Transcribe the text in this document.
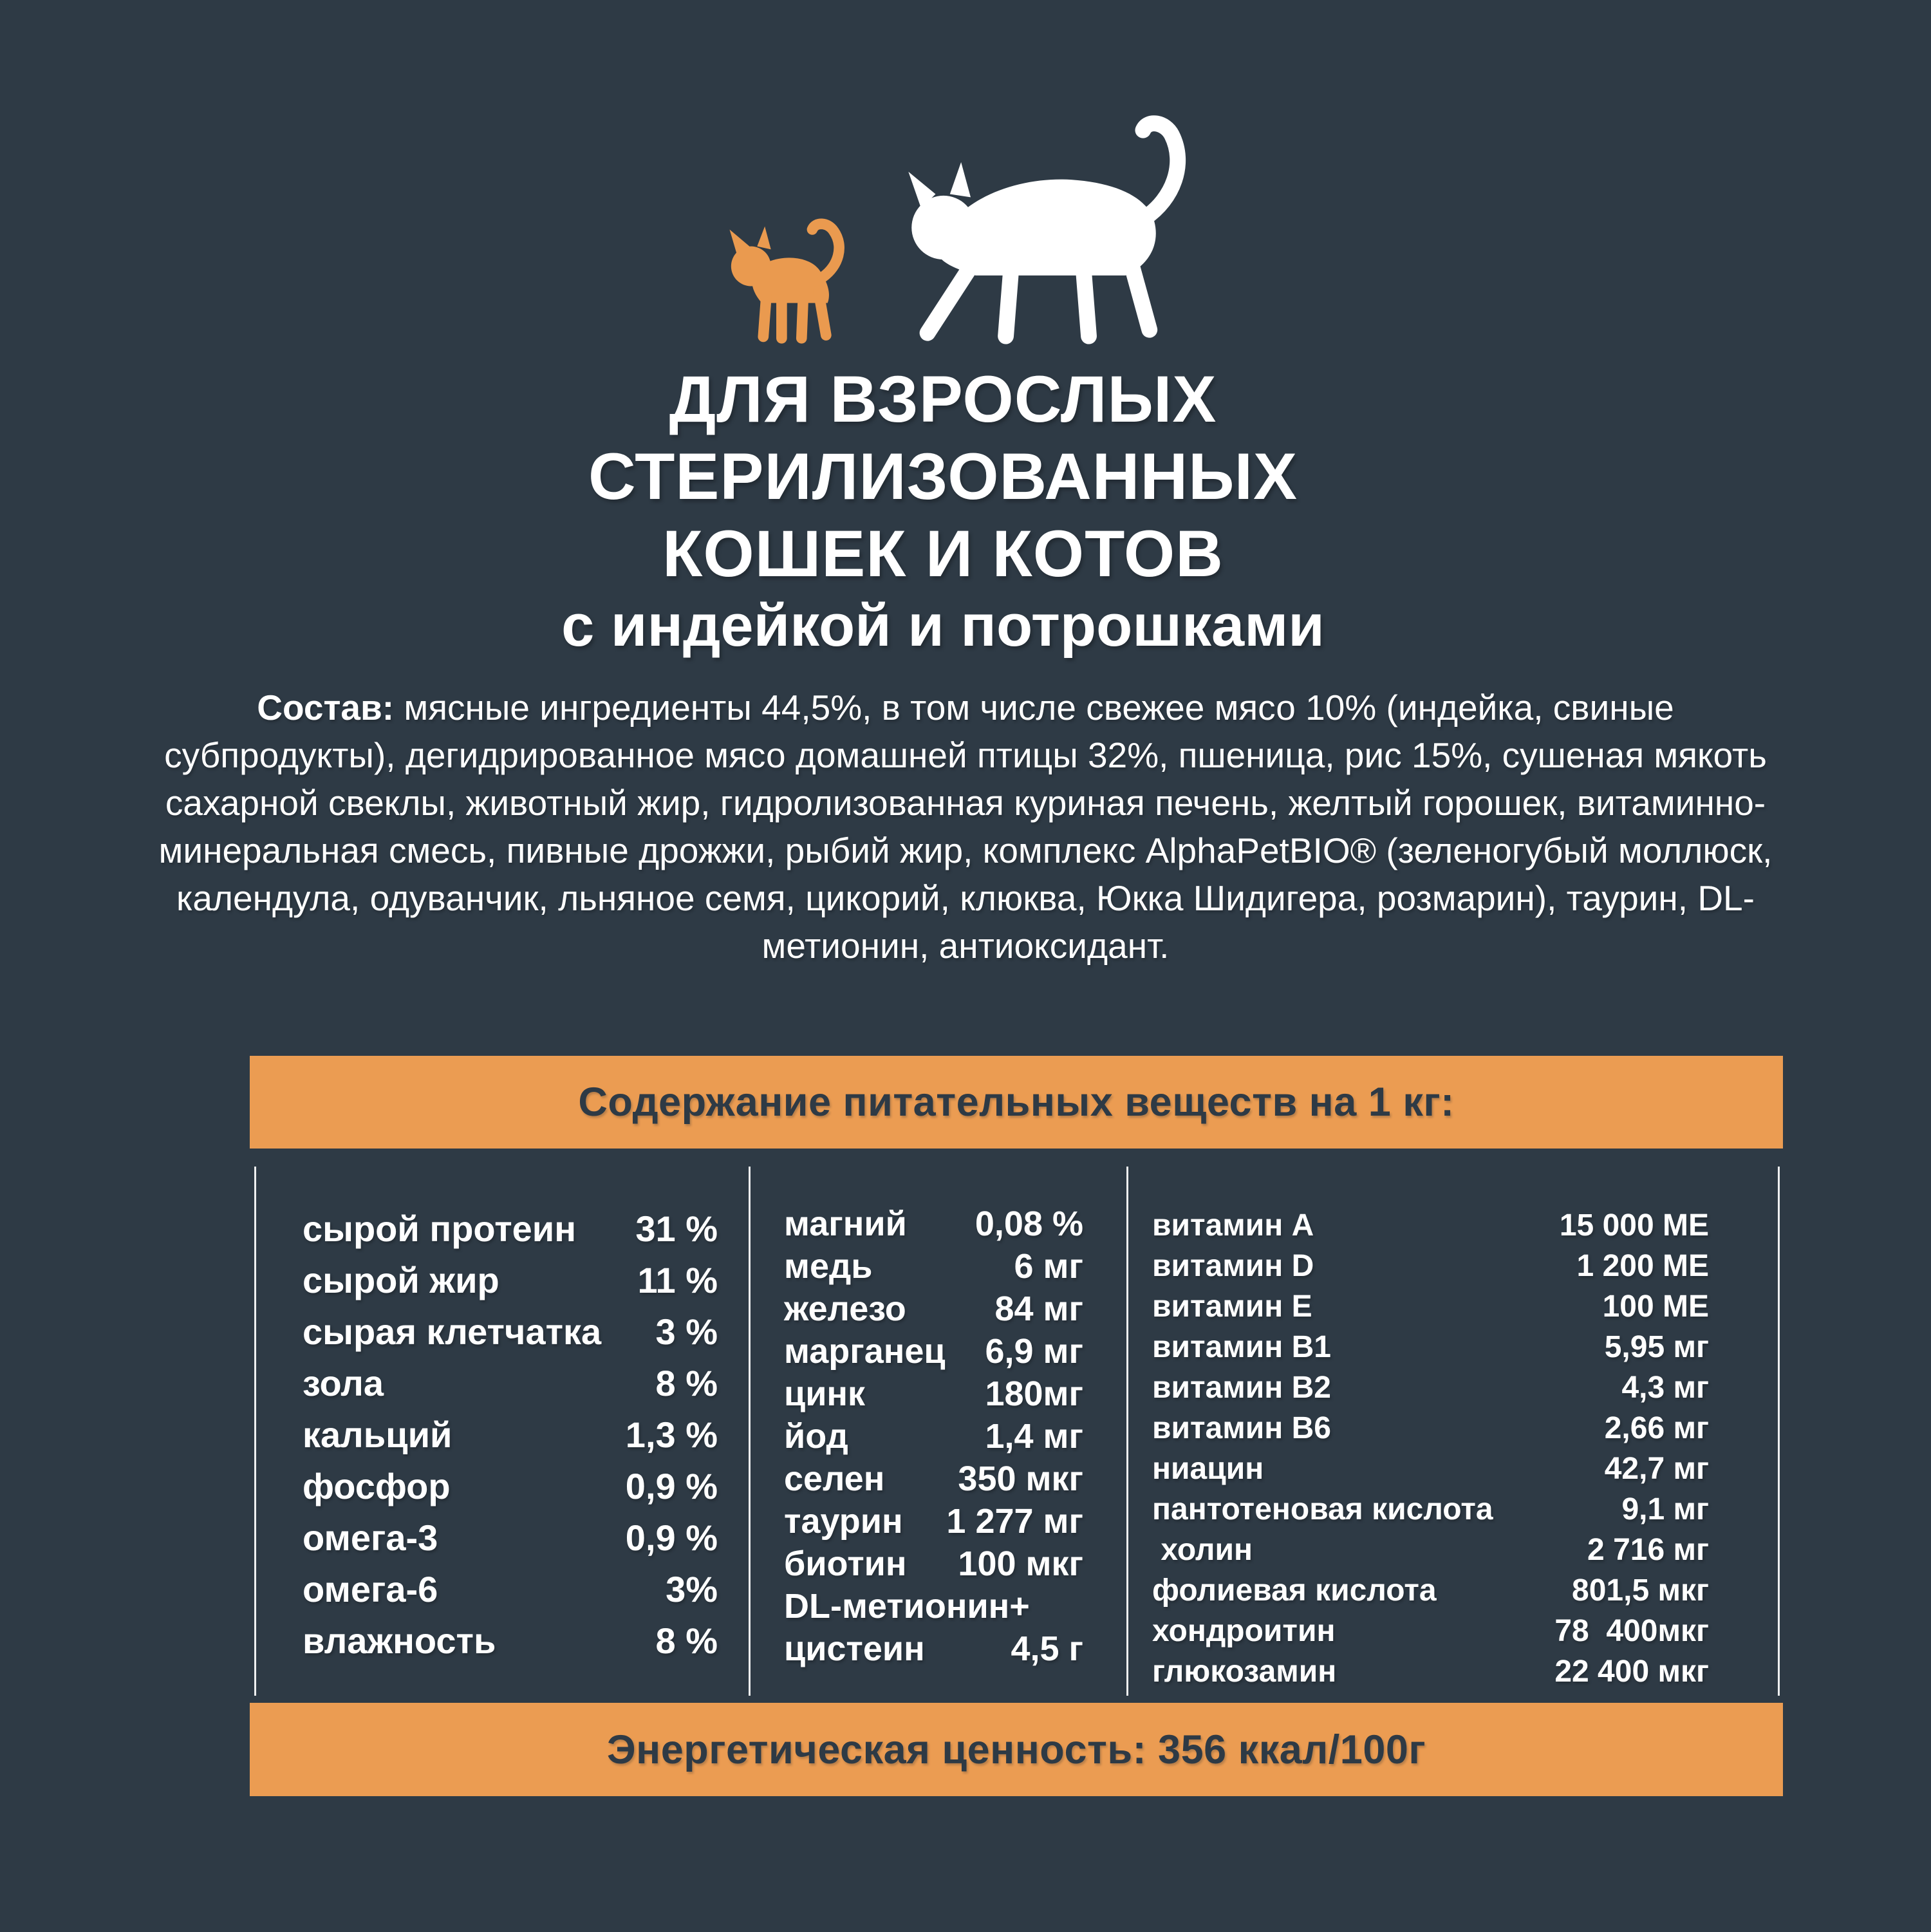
ДЛЯ ВЗРОСЛЫХ
СТЕРИЛИЗОВАННЫХ
КОШЕК И КОТОВ
с индейкой и потрошками

Состав: мясные ингредиенты 44,5%, в том числе свежее мясо 10% (индейка, свиные субпродукты), дегидрированное мясо домашней птицы 32%, пшеница, рис 15%, сушеная мякоть сахарной свеклы, животный жир, гидролизованная куриная печень, желтый горошек, витаминно-минеральная смесь, пивные дрожжи, рыбий жир, комплекс AlphaPetBIO® (зеленогубый моллюск, календула, одуванчик, льняное семя, цикорий, клюква, Юкка Шидигера, розмарин), таурин, DL-метионин, антиоксидант.

Содержание питательных веществ на 1 кг:
сырой протеин 31 %
сырой жир	11 %
сырая клетчатка 3 %
зола	8 %
кальций	1,3 %
фосфор	0,9 %
омега-3	0,9 %
омега-6	3%
влажность	8 %
магний 0,08 %
медь	6 мг
железо	84 мг
марганец 6,9 мг
цинк	180мг
йод	1,4 мг
селен 350 мкг
таурин 1 277 мг
биотин 100 мкг
DL-метионин+
цистеин 4,5 г
витамин А	15 000 МЕ
витамин D	1 200 МЕ
витамин Е	100 МЕ
витамин В1	5,95 мг
витамин В2	4,3 мг
витамин В6	2,66 мг
ниацин	42,7 мг
пантотеновая кислота	9,1 мг
холин	2 716 мг
фолиевая кислота	801,5 мкг
хондроитин	78  400мкг
глюкозамин	22 400 мкг
Энергетическая ценность: 356 ккал/100г
